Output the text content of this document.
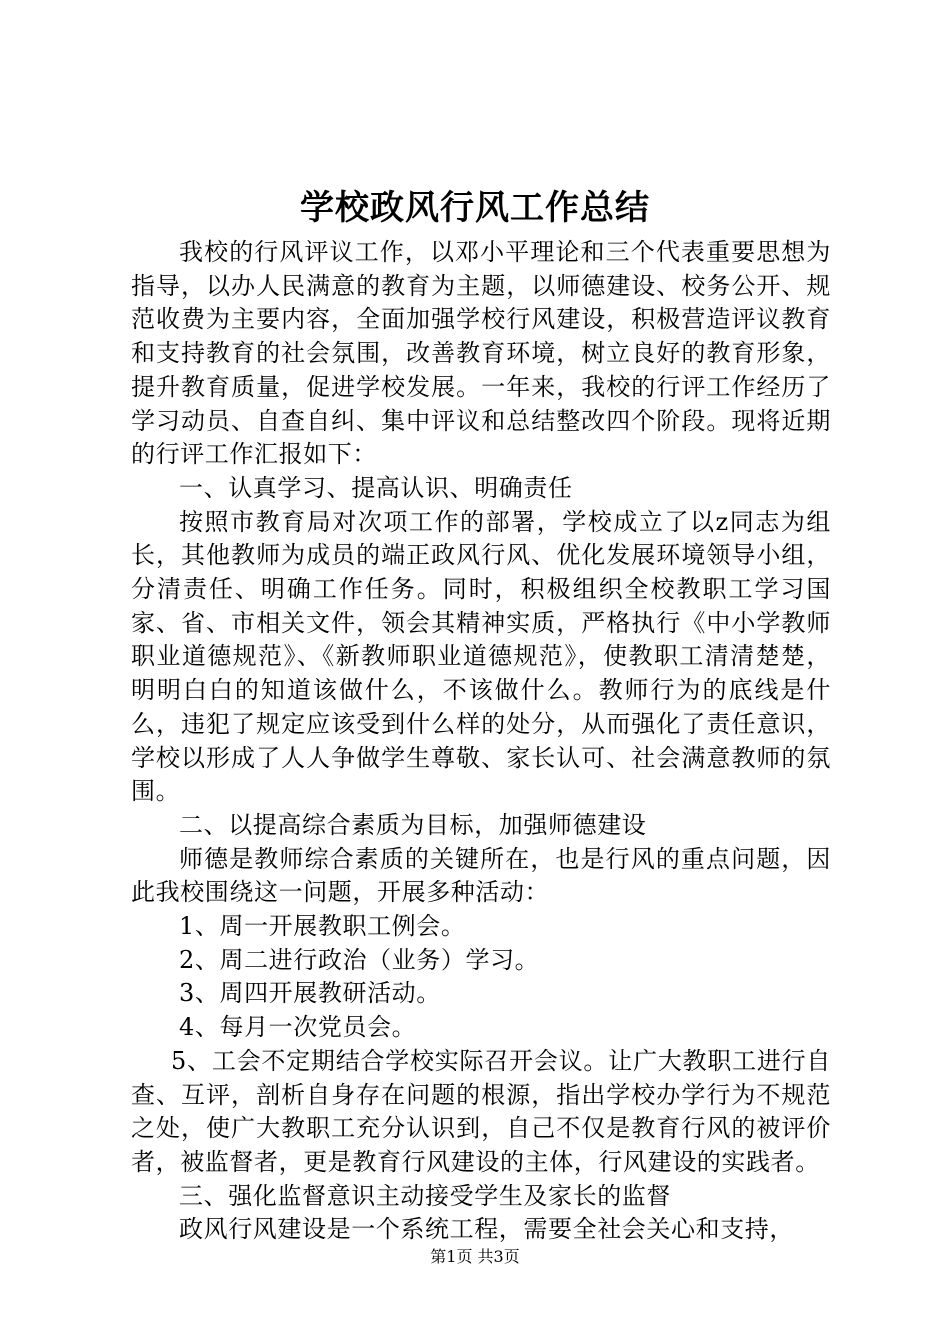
学校政风行风工作总结

我校的行风评议工作，以邓小平理论和三个代表重要思想为指导，以办人民满意的教育为主题，以师德建设、校务公开、规范收费为主要内容，全面加强学校行风建设，积极营造评议教育和支持教育的社会氛围，改善教育环境，树立良好的教育形象，提升教育质量，促进学校发展。一年来，我校的行评工作经历了学习动员、自查自纠、集中评议和总结整改四个阶段。现将近期的行评工作汇报如下：

一、认真学习、提高认识、明确责任

按照市教育局对次项工作的部署，学校成立了以z同志为组长，其他教师为成员的端正政风行风、优化发展环境领导小组，分清责任、明确工作任务。同时，积极组织全校教职工学习国家、省、市相关文件，领会其精神实质，严格执行《中小学教师职业道德规范》、《新教师职业道德规范》，使教职工清清楚楚，明明白白的知道该做什么，不该做什么。教师行为的底线是什么，违犯了规定应该受到什么样的处分，从而强化了责任意识，学校以形成了人人争做学生尊敬、家长认可、社会满意教师的氛围。

二、以提高综合素质为目标，加强师德建设

师德是教师综合素质的关键所在，也是行风的重点问题，因此我校围绕这一问题，开展多种活动：

1、周一开展教职工例会。

2、周二进行政治（业务）学习。

3、周四开展教研活动。

4、每月一次党员会。

5、工会不定期结合学校实际召开会议。让广大教职工进行自查、互评，剖析自身存在问题的根源，指出学校办学行为不规范之处，使广大教职工充分认识到，自己不仅是教育行风的被评价者，被监督者，更是教育行风建设的主体，行风建设的实践者。

三、强化监督意识主动接受学生及家长的监督

政风行风建设是一个系统工程，需要全社会关心和支持，

第1页 共3页
